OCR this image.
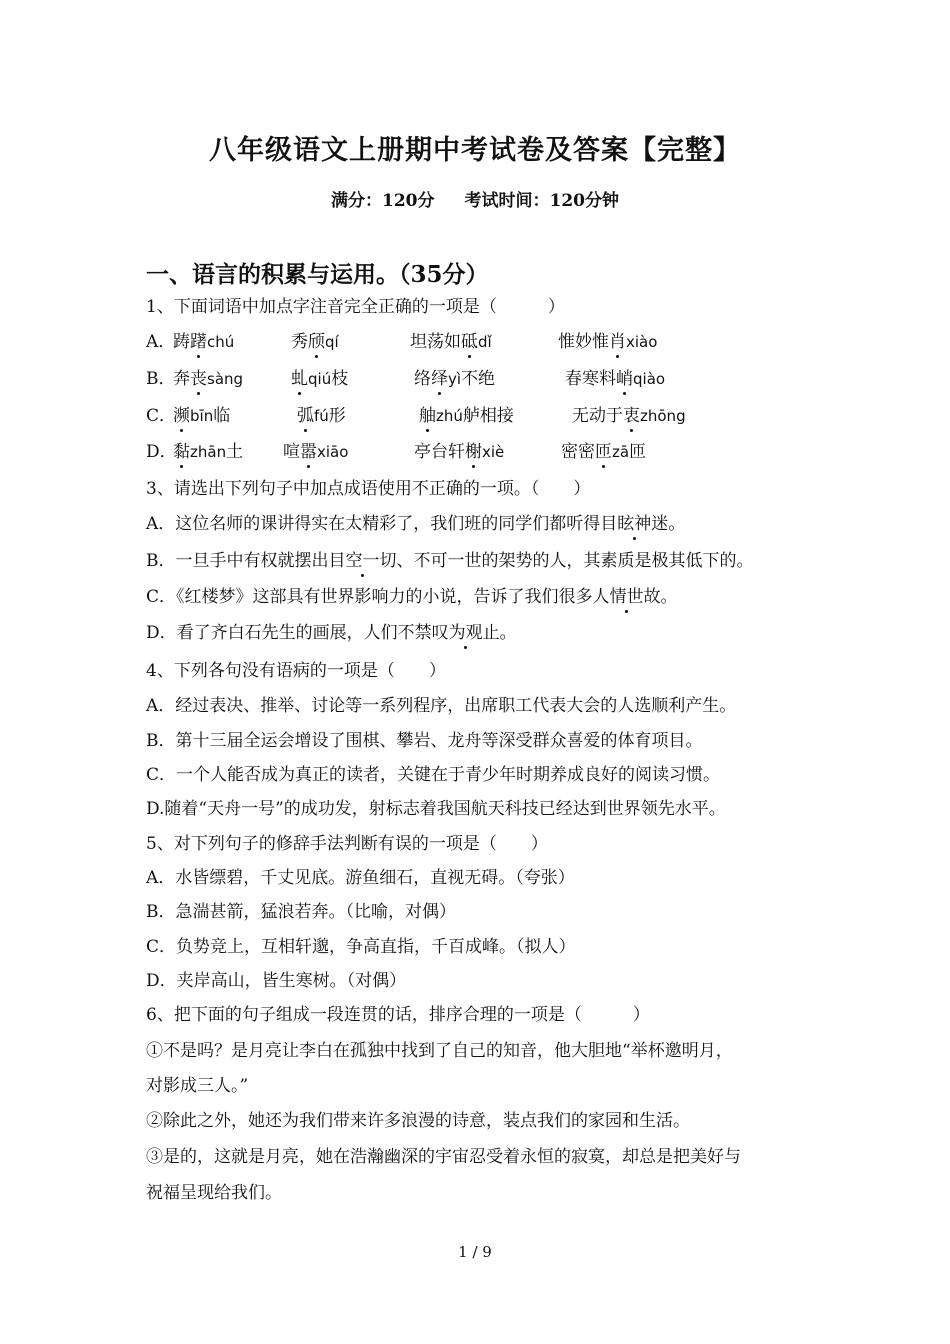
八年级语文上册期中考试卷及答案【完整】
满分：120分 考试时间：120分钟
一、语言的积累与运用。（35分）
1、下面词语中加点字注音完全正确的一项是（　　　）
A．踌躇chú	秀颀qí	坦荡如砥dǐ	惟妙惟肖xiào
B．奔丧sàng	虬qiú枝	络绎yì不绝	春寒料峭qiào
C．濒bīn临	弧fú形	舳zhú舻相接	无动于衷zhōng
D．黏zhān土 喧嚣xiāo	亭台轩榭xiè	密密匝zā匝
3、请选出下列句子中加点成语使用不正确的一项。（　　）
A．这位名师的课讲得实在太精彩了，我们班的同学们都听得目眩神迷。
B．一旦手中有权就摆出目空一切、不可一世的架势的人，其素质是极其低下的。
C．《红楼梦》这部具有世界影响力的小说，告诉了我们很多人情世故。
D．看了齐白石先生的画展，人们不禁叹为观止。
4、下列各句没有语病的一项是（　　）
A．经过表决、推举、讨论等一系列程序，出席职工代表大会的人选顺利产生。
B．第十三届全运会增设了围棋、攀岩、龙舟等深受群众喜爱的体育项目。
C．一个人能否成为真正的读者，关键在于青少年时期养成良好的阅读习惯。
D.随着“天舟一号”的成功发，射标志着我国航天科技已经达到世界领先水平。
5、对下列句子的修辞手法判断有误的一项是（　　）
A．水皆缥碧，千丈见底。游鱼细石，直视无碍。（夸张）
B．急湍甚箭，猛浪若奔。（比喻，对偶）
C．负势竞上，互相轩邈，争高直指，千百成峰。（拟人）
D．夹岸高山，皆生寒树。（对偶）
6、把下面的句子组成一段连贯的话，排序合理的一项是（　　　）
①不是吗？是月亮让李白在孤独中找到了自己的知音，他大胆地“举杯邀明月，
对影成三人。”
②除此之外，她还为我们带来许多浪漫的诗意，装点我们的家园和生活。
③是的，这就是月亮，她在浩瀚幽深的宇宙忍受着永恒的寂寞，却总是把美好与
祝福呈现给我们。
1 / 9
